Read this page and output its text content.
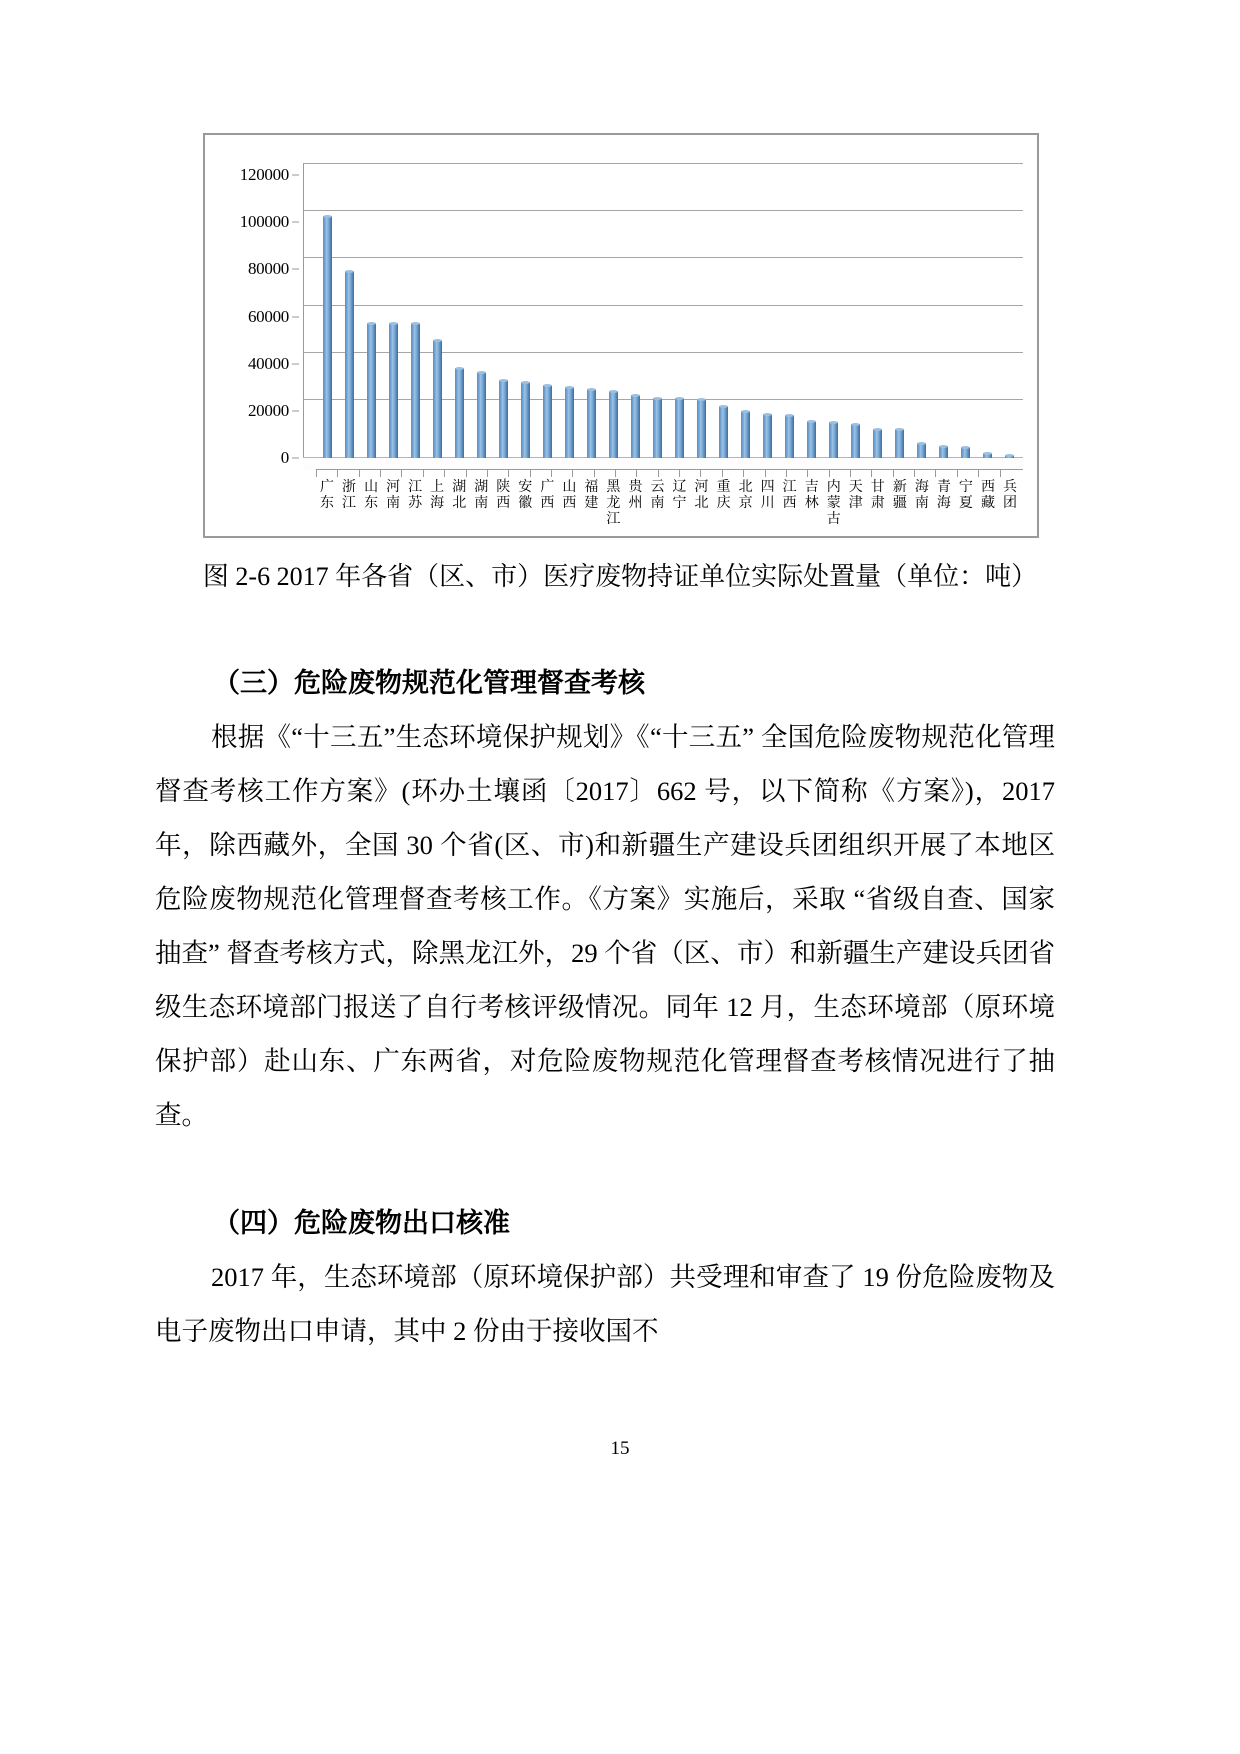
0
20000
40000
60000
80000
100000
120000
广东
浙江
山东
河南
江苏
上海
湖北
湖南
陕西
安徽
广西
山西
福建
黑龙江
贵州
云南
辽宁
河北
重庆
北京
四川
江西
吉林
内蒙古
天津
甘肃
新疆
海南
青海
宁夏
西藏
兵团
图 2-6 2017 年各省（区、市）医疗废物持证单位实际处置量（单位：吨）
（三）危险废物规范化管理督查考核
根据《“十三五”生态环境保护规划》《“十三五” 全国危险废物规范化管理督查考核工作方案》(环办土壤函〔2017〕662 号，以下简称《方案》)，2017 年，除西藏外，全国 30 个省(区、市)和新疆生产建设兵团组织开展了本地区危险废物规范化管理督查考核工作。《方案》实施后，采取 “省级自查、国家抽查” 督查考核方式，除黑龙江外，29 个省（区、市）和新疆生产建设兵团省级生态环境部门报送了自行考核评级情况。同年 12 月，生态环境部（原环境保护部）赴山东、广东两省，对危险废物规范化管理督查考核情况进行了抽查。
（四）危险废物出口核准
2017 年，生态环境部（原环境保护部）共受理和审查了 19 份危险废物及电子废物出口申请，其中 2 份由于接收国不
15
